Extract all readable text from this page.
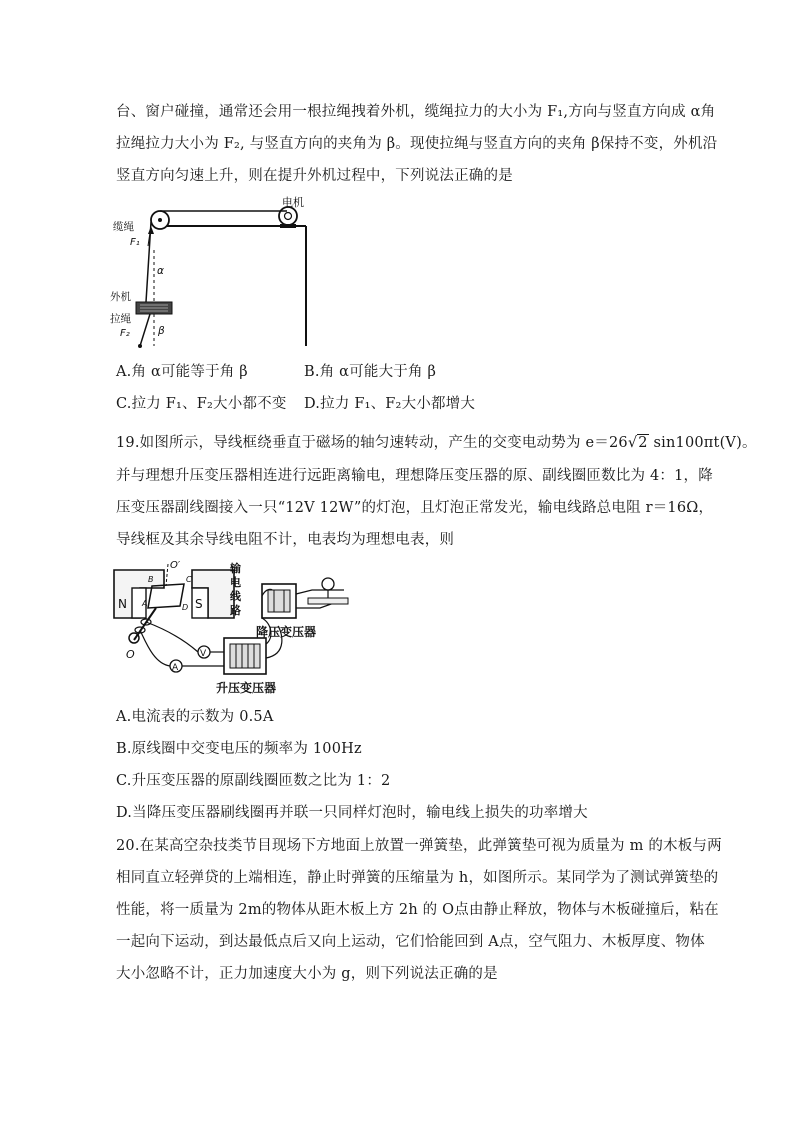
台、窗户碰撞，通常还会用一根拉绳拽着外机，缆绳拉力的大小为 F₁,方向与竖直方向成 α角
拉绳拉力大小为 F₂, 与竖直方向的夹角为 β。现使拉绳与竖直方向的夹角 β保持不变，外机沿
竖直方向匀速上升，则在提升外机过程中，下列说法正确的是
电机
缆绳
F₁
α
外机
β
拉绳
F₂
A.角 α可能等于角 β	B.角 α可能大于角 β
C.拉力 F₁、F₂大小都不变 D.拉力 F₁、F₂大小都增大
19.如图所示，导线框绕垂直于磁场的轴匀速转动，产生的交变电动势为 e＝26√2 sin100πt(V)。
并与理想升压变压器相连进行远距离输电，理想降压变压器的原、副线圈匝数比为 4：1，降
压变压器副线圈接入一只“12V 12W”的灯泡，且灯泡正常发光，输电线路总电阻 r＝16Ω，
导线框及其余导线电阻不计，电表均为理想电表，则
N	S
O′
B	C
A	D
O	V
A
升压变压器
输
电
线
路
降压变压器
A.电流表的示数为 0.5A
B.原线圈中交变电压的频率为 100Hz
C.升压变压器的原副线圈匝数之比为 1：2
D.当降压变压器刷线圈再并联一只同样灯泡时，输电线上损失的功率增大
20.在某高空杂技类节目现场下方地面上放置一弹簧垫，此弹簧垫可视为质量为 m 的木板与两
相同直立轻弹贷的上端相连，静止时弹簧的压缩量为 h，如图所示。某同学为了测试弹簧垫的
性能，将一质量为 2m的物体从距木板上方 2h 的 O点由静止释放，物体与木板碰撞后，粘在
一起向下运动，到达最低点后又向上运动，它们恰能回到 A点，空气阻力、木板厚度、物体
大小忽略不计，正力加速度大小为 g，则下列说法正确的是
